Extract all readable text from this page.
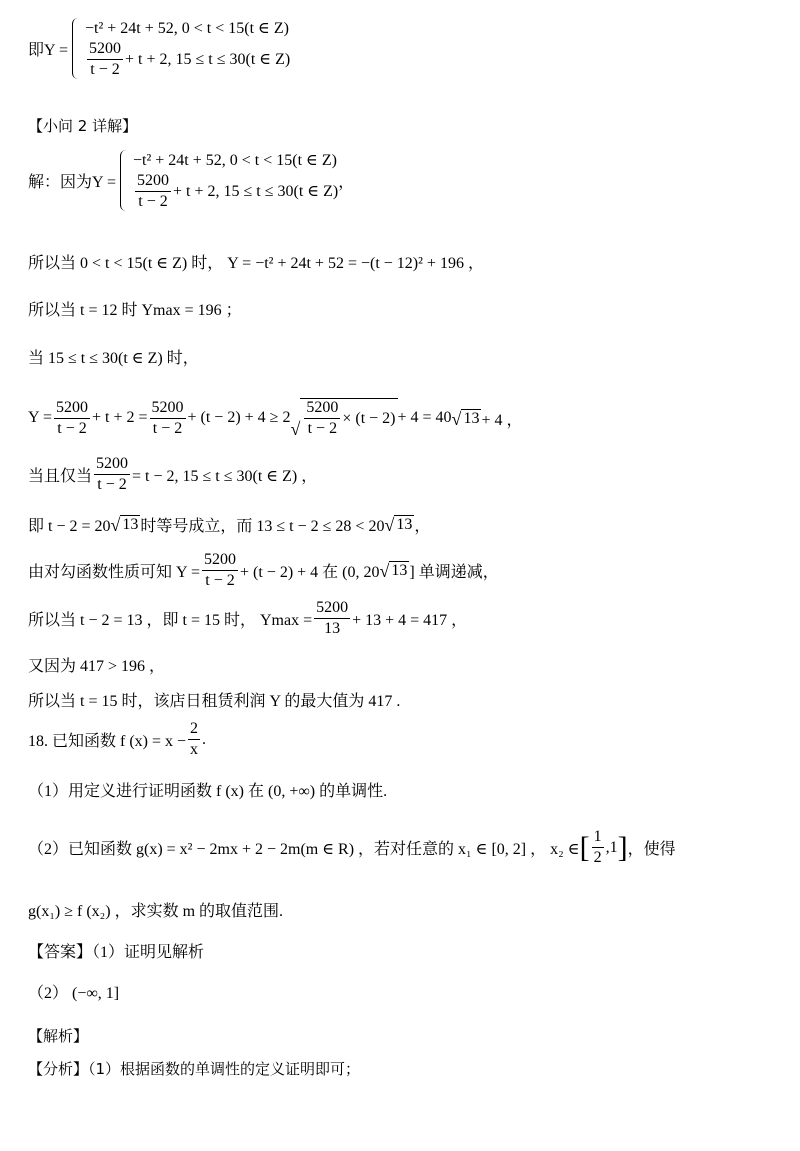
即Y =
−t² + 24t + 52, 0 < t < 15(t ∈ Z)
$\frac{5200}{t - 2} + t + 2$, 15 ≤ t ≤ 30(t ∈ Z)
【小问 2 详解】
解：因为Y =
−t² + 24t + 52, 0 < t < 15(t ∈ Z)
$\frac{5200}{t - 2} + t + 2$, 15 ≤ t ≤ 30(t ∈ Z) ，
所以当 0 < t < 15(t ∈ Z) 时， Y = −t² + 24t + 52 = −(t − 12)² + 196 ，
所以当 t = 12 时 Ymax = 196 ；
当 15 ≤ t ≤ 30(t ∈ Z) 时，
$Y = \frac{5200}{t - 2} + t + 2 = \frac{5200}{t - 2} + (t - 2) + 4 \ge 2$
√ $\frac{5200}{t - 2} \times (t - 2) + 4 = 40$ √ 13 + 4 ，
当且仅当 $\frac{5200}{t - 2} = t - 2$, 15 ≤ t ≤ 30(t ∈ Z) ，
即 t − 2 = 20 √ 13 时等号成立，而 13 ≤ t − 2 ≤ 28 < 20 √ 13 ，
由对勾函数性质可知 $Y = \frac{5200}{t - 2} + (t - 2) + 4$ 在 (0, 20 √ 13 ] 单调递减，
所以当 t − 2 = 13 ，即 t = 15 时， $Ymax = \frac{5200}{13} + 13 + 4 = 417$ ，
又因为 417 > 196 ，
所以当 t = 15 时，该店日租赁利润 Y 的最大值为 417 .
18. 已知函数 f $(x) = x - \frac{2}{x}$ .
（1）用定义进行证明函数 f (x) 在 (0, +∞) 的单调性.
（2）已知函数 g(x) = x² − 2mx + 2 − 2m(m ∈ R) ，若对任意的 x₁ ∈ [0, 2] ， x₂ ∈ [ $\frac{1}{2} ,1$ ] ，使得
g(x₁) ≥ f (x₂) ，求实数 m 的取值范围.
【答案】（1）证明见解析
（2） (−∞, 1]
【解析】
【分析】（1）根据函数的单调性的定义证明即可；
